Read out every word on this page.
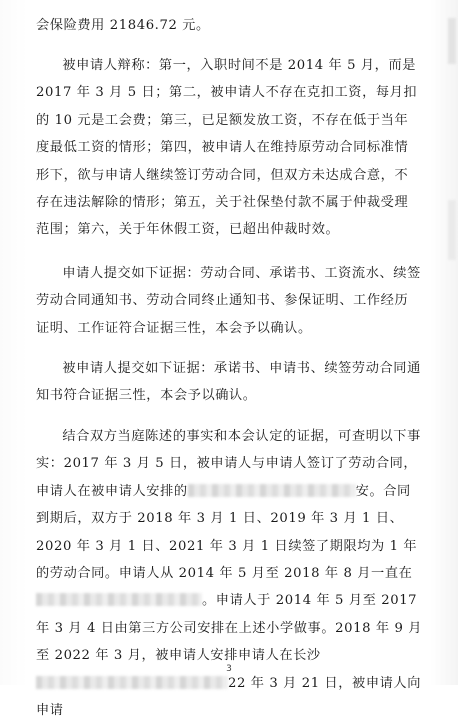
会保险费用 21846.72 元。

被申请人辩称：第一，入职时间不是 2014 年 5 月，而是 2017 年 3 月 5 日；第二，被申请人不存在克扣工资，每月扣的 10 元是工会费；第三，已足额发放工资，不存在低于当年度最低工资的情形；第四，被申请人在维持原劳动合同标准情形下，欲与申请人继续签订劳动合同，但双方未达成合意，不存在违法解除的情形；第五，关于社保垫付款不属于仲裁受理范围；第六，关于年休假工资，已超出仲裁时效。

申请人提交如下证据：劳动合同、承诺书、工资流水、续签劳动合同通知书、劳动合同终止通知书、参保证明、工作经历证明、工作证符合证据三性，本会予以确认。

被申请人提交如下证据：承诺书、申请书、续签劳动合同通知书符合证据三性，本会予以确认。

结合双方当庭陈述的事实和本会认定的证据，可查明以下事实：2017 年 3 月 5 日，被申请人与申请人签订了劳动合同，申请人在被申请人安排的	安。合同到期后，双方于 2018 年 3 月 1 日、2019 年 3 月 1 日、2020 年 3 月 1 日、2021 年 3 月 1 日续签了期限均为 1 年的劳动合同。申请人从 2014 年 5 月至 2018 年 8 月一直在。申请人于 2014 年 5 月至 2017 年 3 月 4 日由第三方公司安排在上述小学做事。2018 年 9 月至 2022 年 3 月，被申请人安排申请人在长沙22 年 3 月 21 日，被申请人向申请

3
